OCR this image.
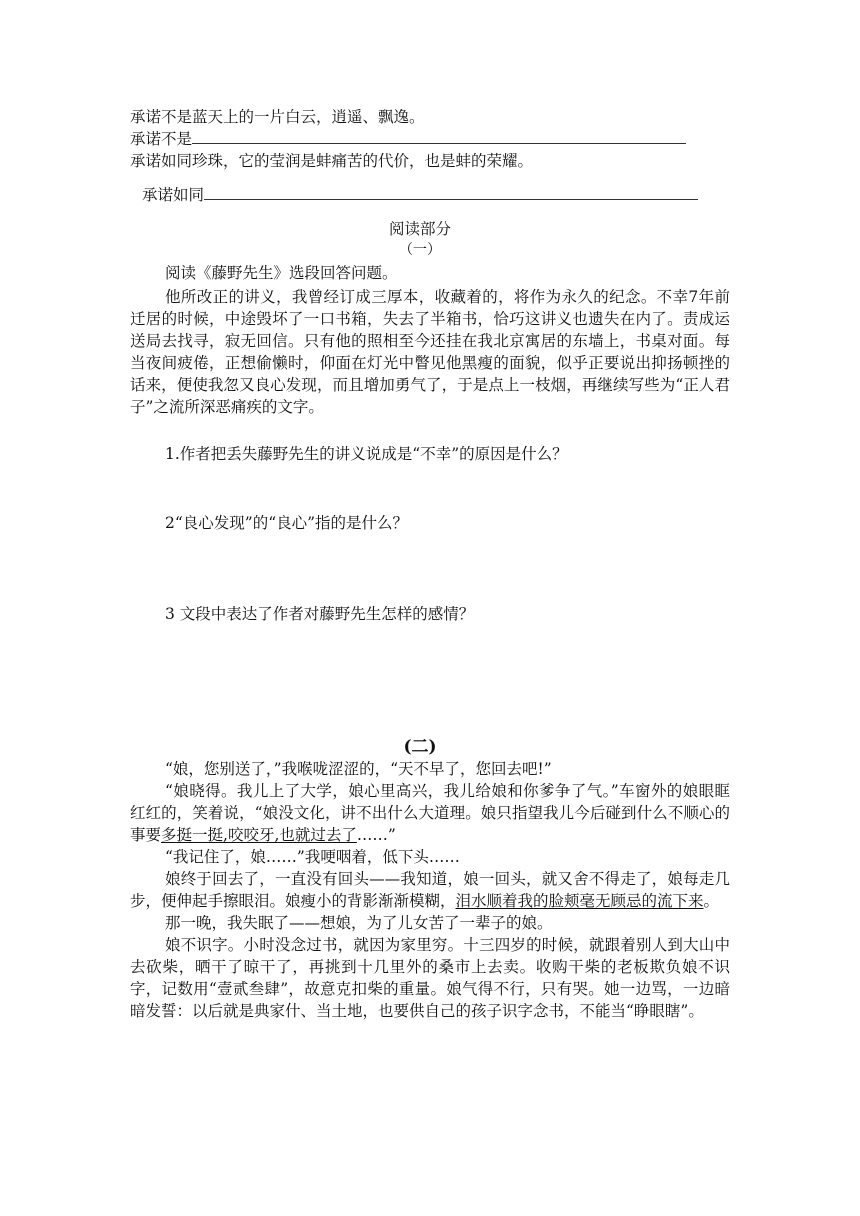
承诺不是蓝天上的一片白云，逍遥、飘逸。
承诺不是
承诺如同珍珠，它的莹润是蚌痛苦的代价，也是蚌的荣耀。
承诺如同
阅读部分
（一）
阅读《藤野先生》选段回答问题。

他所改正的讲义，我曾经订成三厚本，收藏着的，将作为永久的纪念。不幸7年前迁居的时候，中途毁坏了一口书箱，失去了半箱书，恰巧这讲义也遗失在内了。责成运送局去找寻，寂无回信。只有他的照相至今还挂在我北京寓居的东墙上，书桌对面。每当夜间疲倦，正想偷懒时，仰面在灯光中瞥见他黑瘦的面貌，似乎正要说出抑扬顿挫的话来，便使我忽又良心发现，而且增加勇气了，于是点上一枝烟，再继续写些为“正人君子”之流所深恶痛疾的文字。

1.作者把丢失藤野先生的讲义说成是“不幸”的原因是什么？
2“良心发现”的“良心”指的是什么？
3 文段中表达了作者对藤野先生怎样的感情？
(二)

“娘，您别送了，”我喉咙涩涩的，“天不早了，您回去吧!”

“娘晓得。我儿上了大学，娘心里高兴，我儿给娘和你爹争了气。”车窗外的娘眼眶红红的，笑着说，“娘没文化，讲不出什么大道理。娘只指望我儿今后碰到什么不顺心的事要多挺一挺,咬咬牙,也就过去了……”

“我记住了，娘……”我哽咽着，低下头……

娘终于回去了，一直没有回头——我知道，娘一回头，就又舍不得走了，娘每走几步，便伸起手擦眼泪。娘瘦小的背影渐渐模糊，泪水顺着我的脸颊毫无顾忌的流下来。

那一晚，我失眠了——想娘，为了儿女苦了一辈子的娘。

娘不识字。小时没念过书，就因为家里穷。十三四岁的时候，就跟着别人到大山中去砍柴，晒干了晾干了，再挑到十几里外的桑市上去卖。收购干柴的老板欺负娘不识字，记数用“壹贰叁肆”，故意克扣柴的重量。娘气得不行，只有哭。她一边骂，一边暗暗发誓：以后就是典家什、当土地，也要供自己的孩子识字念书，不能当“睁眼瞎”。
